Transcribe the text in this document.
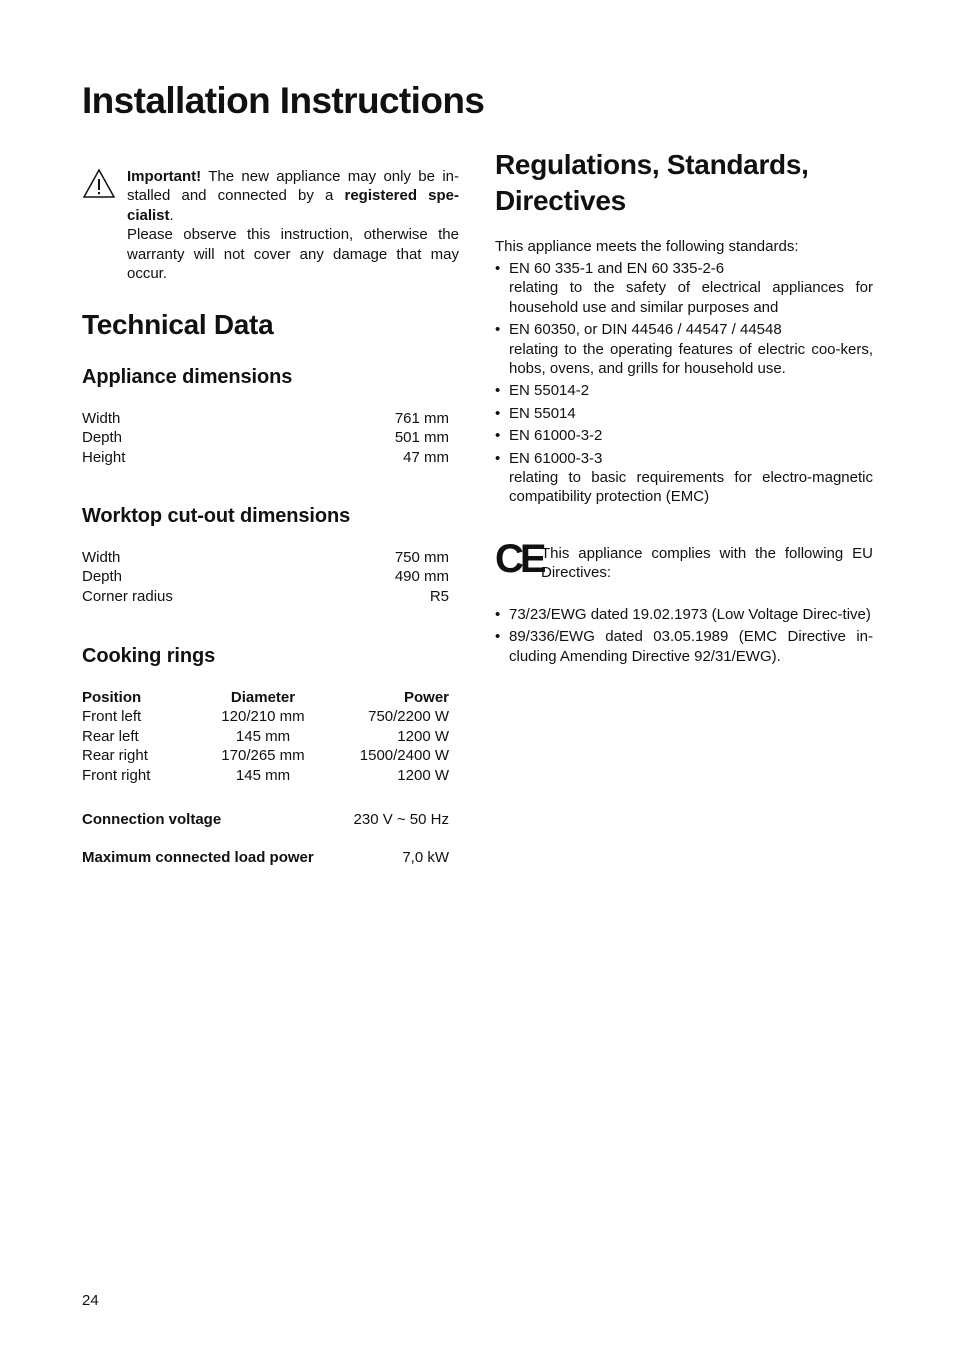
Installation Instructions
Important! The new appliance may only be in-stalled and connected by a registered spe-cialist.
Please observe this instruction, otherwise the warranty will not cover any damage that may occur.
Technical Data
Appliance dimensions
Width	761 mm
Depth	501 mm
Height	47 mm
Worktop cut-out dimensions
Width	750 mm
Depth	490 mm
Corner radius	R5
Cooking rings
Position	Diameter	Power
Front left	120/210 mm	750/2200 W
Rear left	145 mm	1200 W
Rear right	170/265 mm	1500/2400 W
Front right	145 mm	1200 W
Connection voltage	230 V ~ 50 Hz
Maximum connected load power	7,0 kW
Regulations, Standards,
Directives
This appliance meets the following standards:
• EN 60 335-1 and EN 60 335-2-6
relating to the safety of electrical appliances for household use and similar purposes and
• EN 60350, or DIN 44546 / 44547 / 44548
relating to the operating features of electric coo-kers, hobs, ovens, and grills for household use.
• EN 55014-2
• EN 55014
• EN 61000-3-2
• EN 61000-3-3
relating to basic requirements for electro-magnetic compatibility protection (EMC)
CE
This appliance complies with the following EU Directives:
• 73/23/EWG dated 19.02.1973 (Low Voltage Direc-tive)
• 89/336/EWG dated 03.05.1989 (EMC Directive in-cluding Amending Directive 92/31/EWG).
24
